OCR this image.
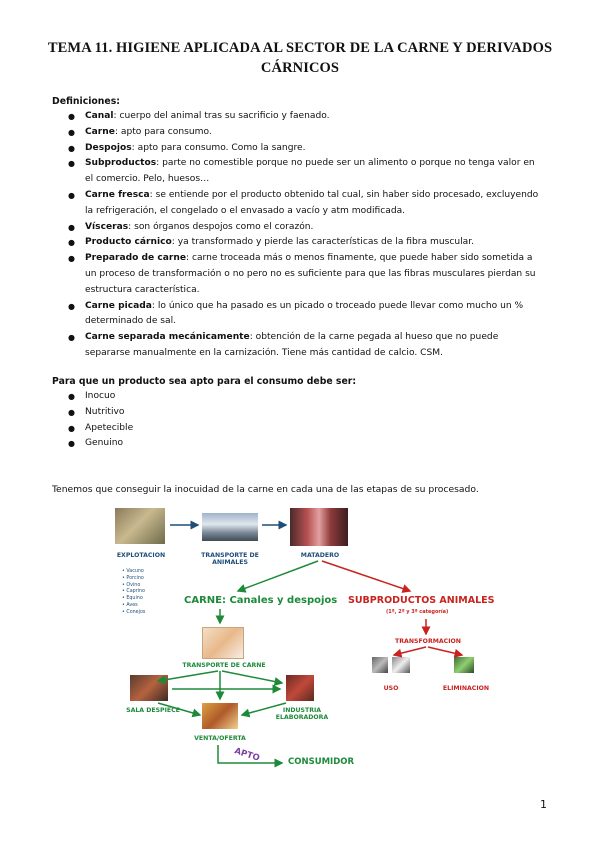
TEMA 11. HIGIENE APLICADA AL SECTOR DE LA CARNE Y DERIVADOS CÁRNICOS
Definiciones:
● Canal: cuerpo del animal tras su sacrificio y faenado.
● Carne: apto para consumo.
● Despojos: apto para consumo. Como la sangre.
● Subproductos: parte no comestible porque no puede ser un alimento o porque no tenga valor en el comercio. Pelo, huesos…
● Carne fresca: se entiende por el producto obtenido tal cual, sin haber sido procesado, excluyendo la refrigeración, el congelado o el envasado a vacío y atm modificada.
● Vísceras: son órganos despojos como el corazón.
● Producto cárnico: ya transformado y pierde las características de la fibra muscular.
● Preparado de carne: carne troceada más o menos finamente, que puede haber sido sometida a un proceso de transformación o no pero no es suficiente para que las fibras musculares pierdan su estructura característica.
● Carne picada: lo único que ha pasado es un picado o troceado puede llevar como mucho un % determinado de sal.
● Carne separada mecánicamente: obtención de la carne pegada al hueso que no puede separarse manualmente en la carnización. Tiene más cantidad de calcio. CSM.
Para que un producto sea apto para el consumo debe ser:
● Inocuo
● Nutritivo
● Apetecible
● Genuino
Tenemos que conseguir la inocuidad de la carne en cada una de las etapas de su procesado.
EXPLOTACION
• Vacuno
• Porcino
• Ovino
• Caprino
• Equino
• Aves
• Conejos
TRANSPORTE DE ANIMALES
MATADERO
CARNE: Canales y despojos SUBPRODUCTOS ANIMALES
(1ª, 2ª y 3ª categoría)
TRANSFORMACION
USO	ELIMINACION
TRANSPORTE DE CARNE
SALA DESPIECE	INDUSTRIA ELABORADORA
VENTA/OFERTA
APTO	CONSUMIDOR
1
